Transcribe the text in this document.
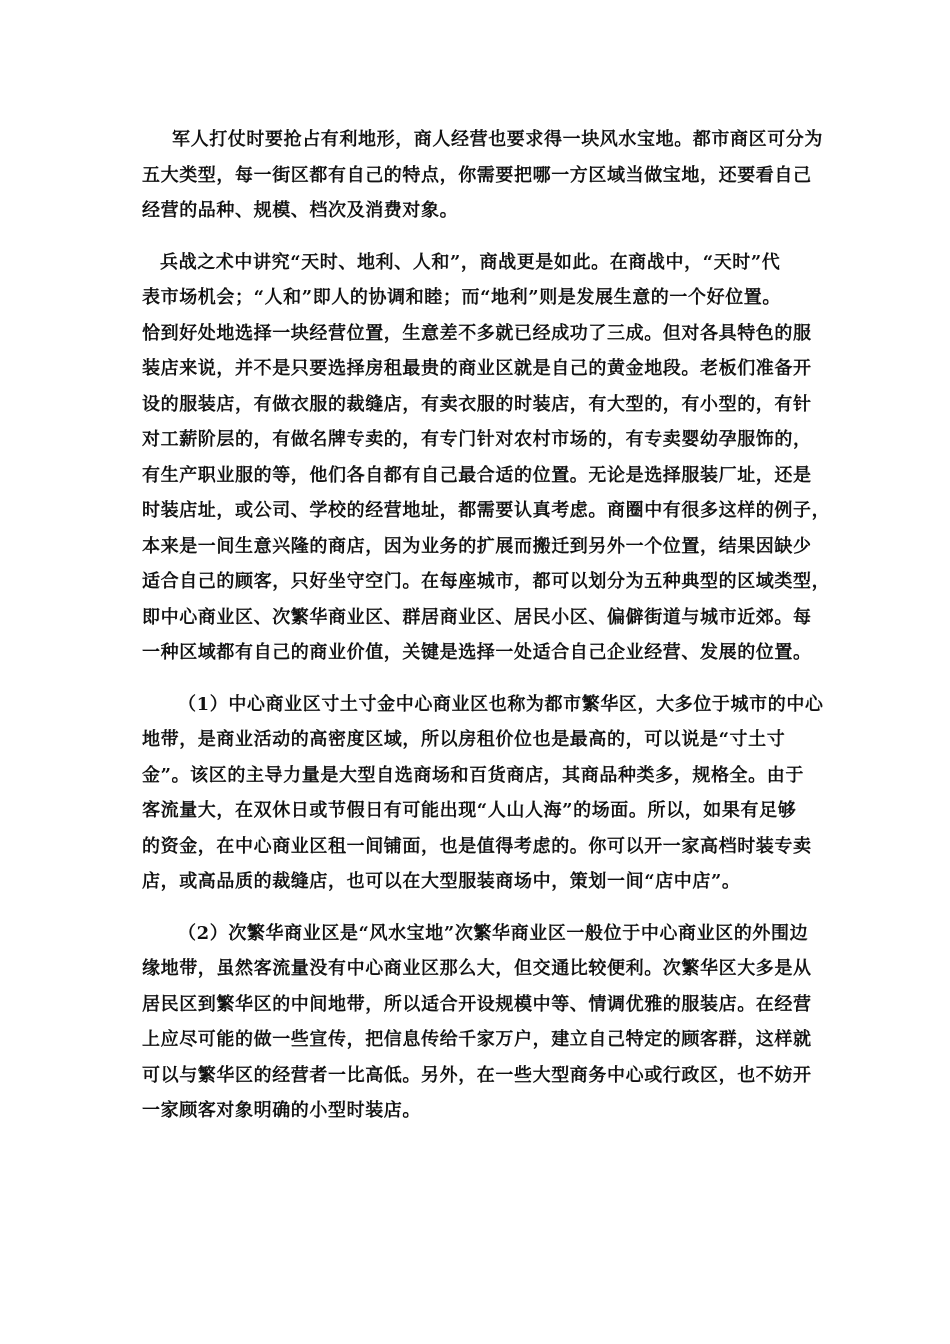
军人打仗时要抢占有利地形，商人经营也要求得一块风水宝地。都市商区可分为
五大类型，每一街区都有自己的特点，你需要把哪一方区域当做宝地，还要看自己
经营的品种、规模、档次及消费对象。
兵战之术中讲究“天时、地利、人和”，商战更是如此。在商战中，“天时”代
表市场机会；“人和”即人的协调和睦；而“地利”则是发展生意的一个好位置。
恰到好处地选择一块经营位置，生意差不多就已经成功了三成。但对各具特色的服
装店来说，并不是只要选择房租最贵的商业区就是自己的黄金地段。老板们准备开
设的服装店，有做衣服的裁缝店，有卖衣服的时装店，有大型的，有小型的，有针
对工薪阶层的，有做名牌专卖的，有专门针对农村市场的，有专卖婴幼孕服饰的，
有生产职业服的等，他们各自都有自己最合适的位置。无论是选择服装厂址，还是
时装店址，或公司、学校的经营地址，都需要认真考虑。商圈中有很多这样的例子，
本来是一间生意兴隆的商店，因为业务的扩展而搬迁到另外一个位置，结果因缺少
适合自己的顾客，只好坐守空门。在每座城市，都可以划分为五种典型的区域类型，
即中心商业区、次繁华商业区、群居商业区、居民小区、偏僻街道与城市近郊。每
一种区域都有自己的商业价值，关键是选择一处适合自己企业经营、发展的位置。
（1）中心商业区寸土寸金中心商业区也称为都市繁华区，大多位于城市的中心
地带，是商业活动的高密度区域，所以房租价位也是最高的，可以说是“寸土寸
金”。该区的主导力量是大型自选商场和百货商店，其商品种类多，规格全。由于
客流量大，在双休日或节假日有可能出现“人山人海”的场面。所以，如果有足够
的资金，在中心商业区租一间铺面，也是值得考虑的。你可以开一家高档时装专卖
店，或高品质的裁缝店，也可以在大型服装商场中，策划一间“店中店”。
（2）次繁华商业区是“风水宝地”次繁华商业区一般位于中心商业区的外围边
缘地带，虽然客流量没有中心商业区那么大，但交通比较便利。次繁华区大多是从
居民区到繁华区的中间地带，所以适合开设规模中等、情调优雅的服装店。在经营
上应尽可能的做一些宣传，把信息传给千家万户，建立自己特定的顾客群，这样就
可以与繁华区的经营者一比高低。另外，在一些大型商务中心或行政区，也不妨开
一家顾客对象明确的小型时装店。
